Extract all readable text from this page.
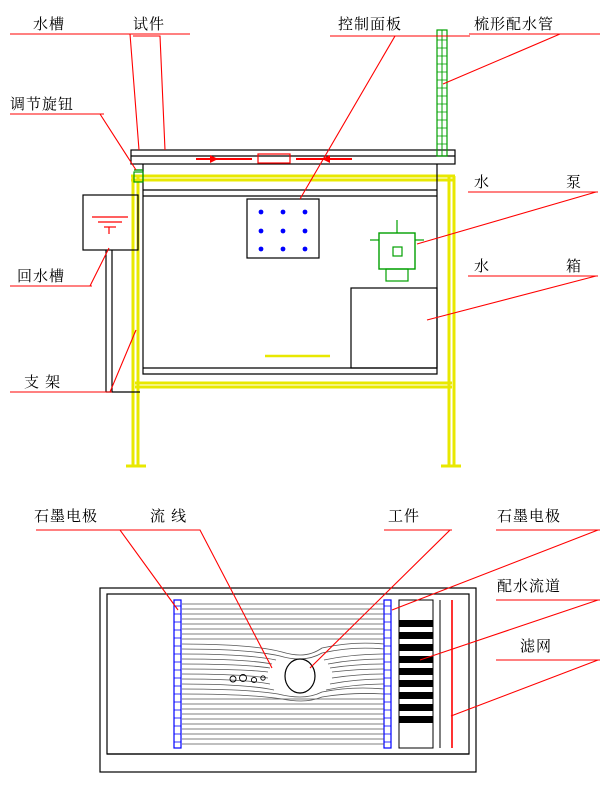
水槽	试件	控制面板	梳形配水管
调节旋钮
回水槽
支 架
水	泵
水	箱
石墨电极	流 线	工件	石墨电极
配水流道
滤网
